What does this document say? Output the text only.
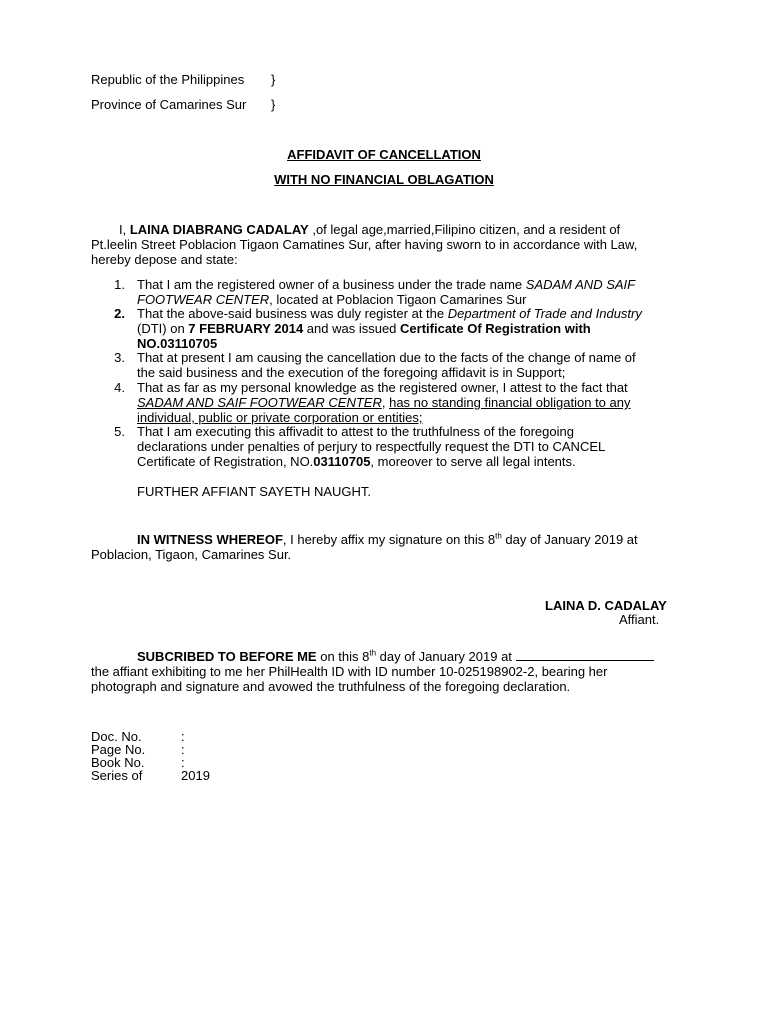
Republic of the Philippines }
Province of Camarines Sur }
AFFIDAVIT OF CANCELLATION
WITH NO FINANCIAL OBLAGATION
I, LAINA DIABRANG CADALAY ,of legal age,married,Filipino citizen, and a resident of
Pt.leelin Street Poblacion Tigaon Camatines Sur, after having sworn to in accordance with Law,
hereby depose and state:
1. That I am the registered owner of a business under the trade name SADAM AND SAIF
FOOTWEAR CENTER, located at Poblacion Tigaon Camarines Sur
2. That the above-said business was duly register at the Department of Trade and Industry
(DTI) on 7 FEBRUARY 2014 and was issued Certificate Of Registration with
NO.03110705
3. That at present I am causing the cancellation due to the facts of the change of name of
the said business and the execution of the foregoing affidavit is in Support;
4. That as far as my personal knowledge as the registered owner, I attest to the fact that
SADAM AND SAIF FOOTWEAR CENTER, has no standing financial obligation to any
individual, public or private corporation or entities;
5. That I am executing this affivadit to attest to the truthfulness of the foregoing
declarations under penalties of perjury to respectfully request the DTI to CANCEL
Certificate of Registration, NO.03110705, moreover to serve all legal intents.
FURTHER AFFIANT SAYETH NAUGHT.
IN WITNESS WHEREOF, I hereby affix my signature on this 8th day of January 2019 at
Poblacion, Tigaon, Camarines Sur.
LAINA D. CADALAY
Affiant.
SUBCRIBED TO BEFORE ME on this 8th day of January 2019 at
the affiant exhibiting to me her PhilHealth ID with ID number 10-025198902-2, bearing her
photograph and signature and avowed the truthfulness of the foregoing declaration.
Doc. No.	:
Page No.	:
Book No.	:
Series of	2019
